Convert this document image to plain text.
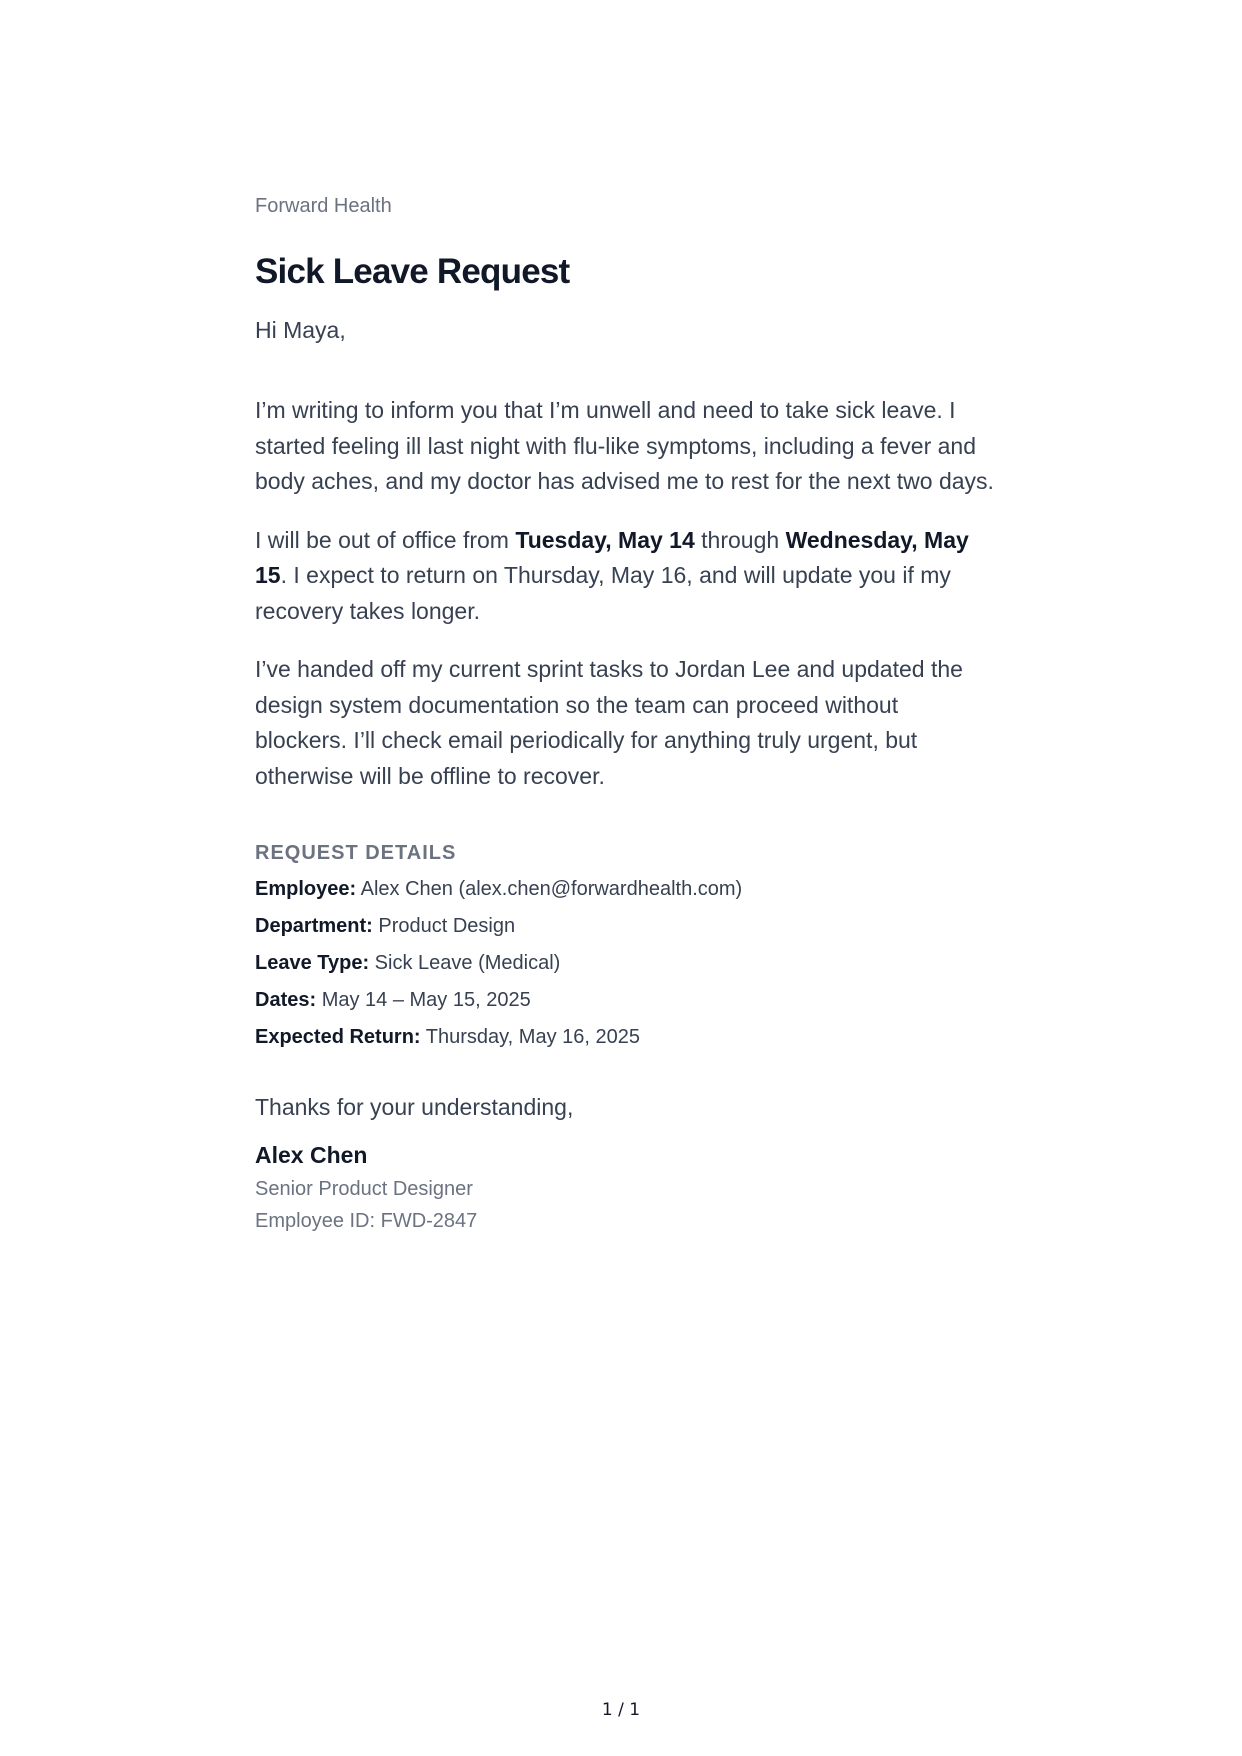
Forward Health

Sick Leave Request

Hi Maya,

I’m writing to inform you that I’m unwell and need to take sick leave. I started feeling ill last night with flu-like symptoms, including a fever and body aches, and my doctor has advised me to rest for the next two days.

I will be out of office from Tuesday, May 14 through Wednesday, May 15. I expect to return on Thursday, May 16, and will update you if my recovery takes longer.

I’ve handed off my current sprint tasks to Jordan Lee and updated the design system documentation so the team can proceed without blockers. I’ll check email periodically for anything truly urgent, but otherwise will be offline to recover.

REQUEST DETAILS

Employee: Alex Chen (alex.chen@forwardhealth.com)
Department: Product Design
Leave Type: Sick Leave (Medical)
Dates: May 14 – May 15, 2025
Expected Return: Thursday, May 16, 2025

Thanks for your understanding,

Alex Chen

Senior Product Designer

Employee ID: FWD-2847

1 / 1
